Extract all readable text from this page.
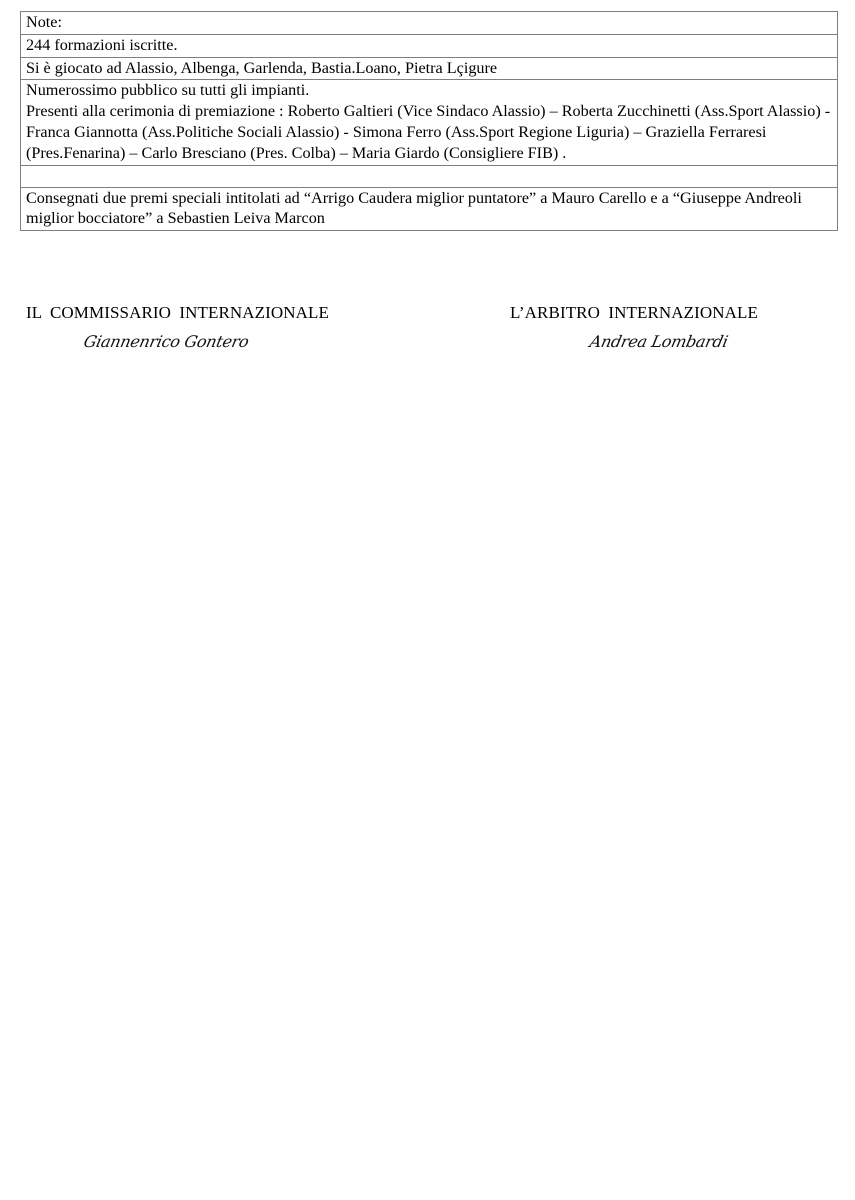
Note:
244 formazioni iscritte.
Si è giocato ad Alassio, Albenga, Garlenda, Bastia.Loano, Pietra Lçigure

Numerossimo pubblico su tutti gli impianti.
Presenti alla cerimonia di premiazione : Roberto Galtieri (Vice Sindaco Alassio) – Roberta Zucchinetti (Ass.Sport Alassio) - Franca Giannotta (Ass.Politiche Sociali Alassio) - Simona Ferro (Ass.Sport Regione Liguria) – Graziella Ferraresi (Pres.Fenarina) – Carlo Bresciano (Pres. Colba) – Maria Giardo (Consigliere FIB) .

Consegnati due premi speciali intitolati ad “Arrigo Caudera miglior puntatore” a Mauro Carello e a “Giuseppe Andreoli miglior bocciatore” a Sebastien Leiva Marcon
IL COMMISSARIO INTERNAZIONALE
Giannenrico Gontero
L’ARBITRO INTERNAZIONALE
Andrea Lombardi
